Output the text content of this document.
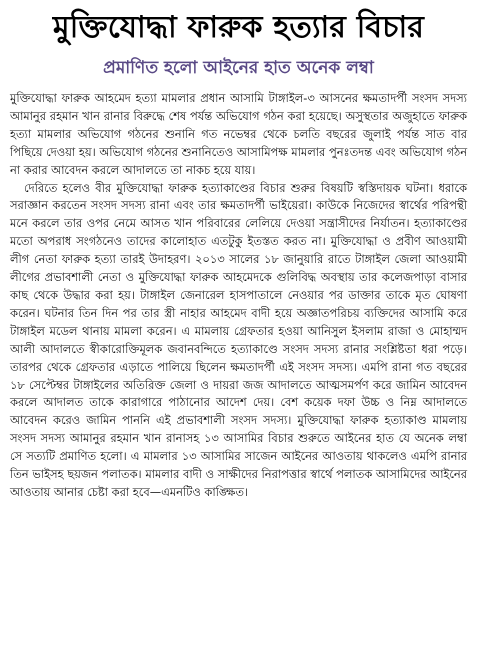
মুক্তিযোদ্ধা ফারুক হত্যার বিচার
প্রমাণিত হলো আইনের হাত অনেক লম্বা

মুক্তিযোদ্ধা ফারুক আহমেদ হত্যা মামলার প্রধান আসামি টাঙ্গাইল-৩ আসনের ক্ষমতাদর্পী সংসদ সদস্য আমানুর রহমান খান রানার বিরুদ্ধে শেষ পর্যন্ত অভিযোগ গঠন করা হয়েছে। অসুস্থতার অজুহাতে ফারুক হত্যা মামলার অভিযোগ গঠনের শুনানি গত নভেম্বর থেকে চলতি বছরের জুলাই পর্যন্ত সাত বার পিছিয়ে দেওয়া হয়। অভিযোগ গঠনের শুনানিতেও আসামিপক্ষ মামলার পুনঃতদন্ত এবং অভিযোগ গঠন না করার আবেদন করলে আদালতে তা নাকচ হয়ে যায়।

দেরিতে হলেও বীর মুক্তিযোদ্ধা ফারুক হত্যাকাণ্ডের বিচার শুরুর বিষয়টি স্বস্তিদায়ক ঘটনা। ধরাকে সরাজ্ঞান করতেন সংসদ সদস্য রানা এবং তার ক্ষমতাদর্পী ভাইয়েরা। কাউকে নিজেদের স্বার্থের পরিপন্থী মনে করলে তার ওপর নেমে আসত খান পরিবারের লেলিয়ে দেওয়া সন্ত্রাসীদের নির্যাতন। হত্যাকাণ্ডের মতো অপরাধ সংগঠনেও তাদের কালোহাত এতটুকু ইতস্তত করত না। মুক্তিযোদ্ধা ও প্রবীণ আওয়ামী লীগ নেতা ফারুক হত্যা তারই উদাহরণ। ২০১৩ সালের ১৮ জানুয়ারি রাতে টাঙ্গাইল জেলা আওয়ামী লীগের প্রভাবশালী নেতা ও মুক্তিযোদ্ধা ফারুক আহমেদকে গুলিবিদ্ধ অবস্থায় তার কলেজপাড়া বাসার কাছ থেকে উদ্ধার করা হয়। টাঙ্গাইল জেনারেল হাসপাতালে নেওয়ার পর ডাক্তার তাকে মৃত ঘোষণা করেন। ঘটনার তিন দিন পর তার স্ত্রী নাহার আহমেদ বাদী হয়ে অজ্ঞাতপরিচয় ব্যক্তিদের আসামি করে টাঙ্গাইল মডেল থানায় মামলা করেন। এ মামলায় গ্রেফতার হওয়া আনিসুল ইসলাম রাজা ও মোহাম্মদ আলী আদালতে স্বীকারোক্তিমূলক জবানবন্দিতে হত্যাকাণ্ডে সংসদ সদস্য রানার সংশ্লিষ্টতা ধরা পড়ে। তারপর থেকে গ্রেফতার এড়াতে পালিয়ে ছিলেন ক্ষমতাদর্পী এই সংসদ সদস্য। এমপি রানা গত বছরের ১৮ সেপ্টেম্বর টাঙ্গাইলের অতিরিক্ত জেলা ও দায়রা জজ আদালতে আত্মসমর্পণ করে জামিন আবেদন করলে আদালত তাকে কারাগারে পাঠানোর আদেশ দেয়। বেশ কয়েক দফা উচ্চ ও নিম্ন আদালতে আবেদন করেও জামিন পাননি এই প্রভাবশালী সংসদ সদস্য। মুক্তিযোদ্ধা ফারুক হত্যাকাণ্ড মামলায় সংসদ সদস্য আমানুর রহমান খান রানাসহ ১৩ আসামির বিচার শুরুতে আইনের হাত যে অনেক লম্বা সে সত্যটি প্রমাণিত হলো। এ মামলার ১৩ আসামির সাজেন আইনের আওতায় থাকলেও এমপি রানার তিন ভাইসহ ছয়জন পলাতক। মামলার বাদী ও সাক্ষীদের নিরাপত্তার স্বার্থে পলাতক আসামিদের আইনের আওতায় আনার চেষ্টা করা হবে—এমনটিও কাঙ্ক্ষিত।
